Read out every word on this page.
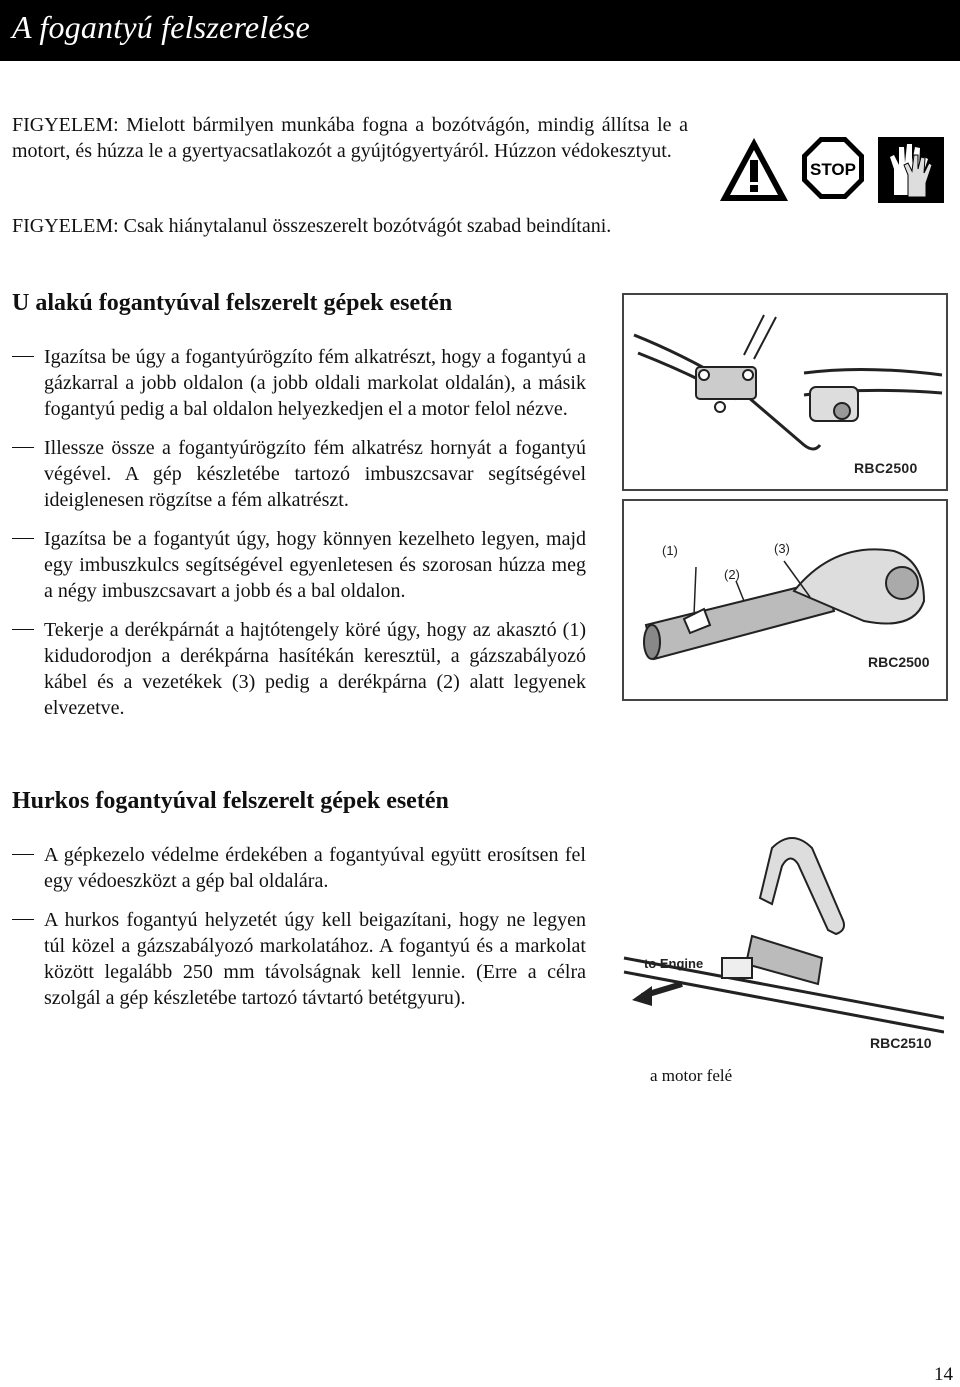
A fogantyú felszerelése
FIGYELEM: Mielott bármilyen munkába fogna a bozótvágón, mindig állítsa le a motort, és húzza le a gyertyacsatlakozót a gyújtógyertyáról. Húzzon védokesztyut.
FIGYELEM: Csak hiánytalanul összeszerelt bozótvágót szabad beindítani.
STOP
U alakú fogantyúval felszerelt gépek esetén
Igazítsa be úgy a fogantyúrögzíto fém alkatrészt, hogy a fogantyú a gázkarral a jobb oldalon (a jobb oldali markolat oldalán), a másik fogantyú pedig a bal oldalon helyezkedjen el a motor felol nézve.
Illessze össze a fogantyúrögzíto fém alkatrész hornyát a fogantyú végével. A gép készletébe tartozó imbuszcsavar segítségével ideiglenesen rögzítse a fém alkatrészt.
Igazítsa be a fogantyút úgy, hogy könnyen kezelheto legyen, majd egy imbuszkulcs segítségével egyenletesen és szorosan húzza meg a négy imbuszcsavart a jobb és a bal oldalon.
Tekerje a derékpárnát a hajtótengely köré úgy, hogy az akasztó (1) kidudorodjon a derékpárna hasítékán keresztül, a gázszabályozó kábel és a vezetékek (3) pedig a derékpárna (2) alatt legyenek elvezetve.
RBC2500
(1)
(2)
(3)
RBC2500
Hurkos fogantyúval felszerelt gépek esetén
A gépkezelo védelme érdekében a fogantyúval együtt erosítsen fel egy védoeszközt a gép bal oldalára.
A hurkos fogantyú helyzetét úgy kell beigazítani, hogy ne legyen túl közel a gázszabályozó markolatához. A fogantyú és a markolat között legalább 250 mm távolságnak kell lennie. (Erre a célra szolgál a gép készletébe tartozó távtartó betétgyuru).
to Engine
RBC2510
a motor felé
14
